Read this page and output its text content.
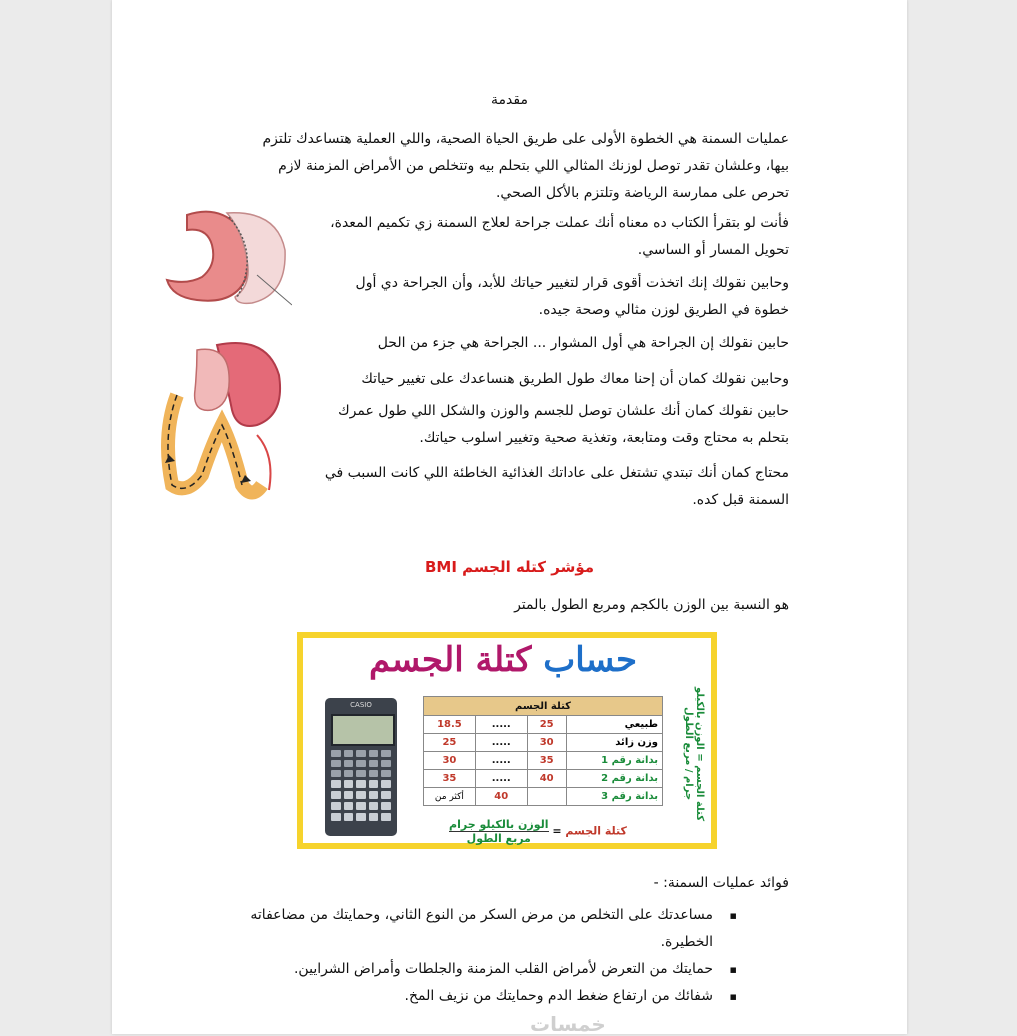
مقدمة
عمليات السمنة هي الخطوة الأولى على طريق الحياة الصحية، واللي العملية هتساعدك تلتزم
بيها، وعلشان تقدر توصل لوزنك المثالي اللي بتحلم بيه وتتخلص من الأمراض المزمنة لازم
تحرص على ممارسة الرياضة وتلتزم بالأكل الصحي.
فأنت لو بتقرأ الكتاب ده معناه أنك عملت جراحة لعلاج السمنة زي تكميم المعدة،
تحويل المسار أو الساسي.
وحابين نقولك إنك اتخذت أقوى قرار لتغيير حياتك للأبد، وأن الجراحة دي أول
خطوة في الطريق لوزن مثالي وصحة جيده.
حابين نقولك إن الجراحة هي أول المشوار ... الجراحة هي جزء من الحل
وحابين نقولك كمان أن إحنا معاك طول الطريق هنساعدك على تغيير حياتك
حابين نقولك كمان أنك علشان توصل للجسم والوزن والشكل اللي طول عمرك
بتحلم به محتاج وقت ومتابعة، وتغذية صحية وتغيير اسلوب حياتك.
محتاج كمان أنك تبتدي تشتغل على عاداتك الغذائية الخاطئة اللي كانت السبب في
السمنة قبل كده.
مؤشر كتله الجسم BMI
هو النسبة بين الوزن بالكجم ومربع الطول بالمتر
حساب كتلة الجسم
CASIO	كتلة الجسم			
18.5	.....	25	طبيعي
25	.....	30	وزن زائد
30	.....	35	بدانة رقم 1
35	.....	40	بدانة رقم 2
أكثر من	40		بدانة رقم 3
كتلة الجسم =
الوزن بالكيلو جرام
مربع الطول
كتلة الجسم = الوزن بالكيلو جرام / مربع الطول
فوائد عمليات السمنة: -
▪ مساعدتك على التخلص من مرض السكر من النوع الثاني، وحمايتك من مضاعفاته الخطيرة.
▪ حمايتك من التعرض لأمراض القلب المزمنة والجلطات وأمراض الشرايين.
▪ شفائك من ارتفاع ضغط الدم وحمايتك من نزيف المخ.
خمسات
